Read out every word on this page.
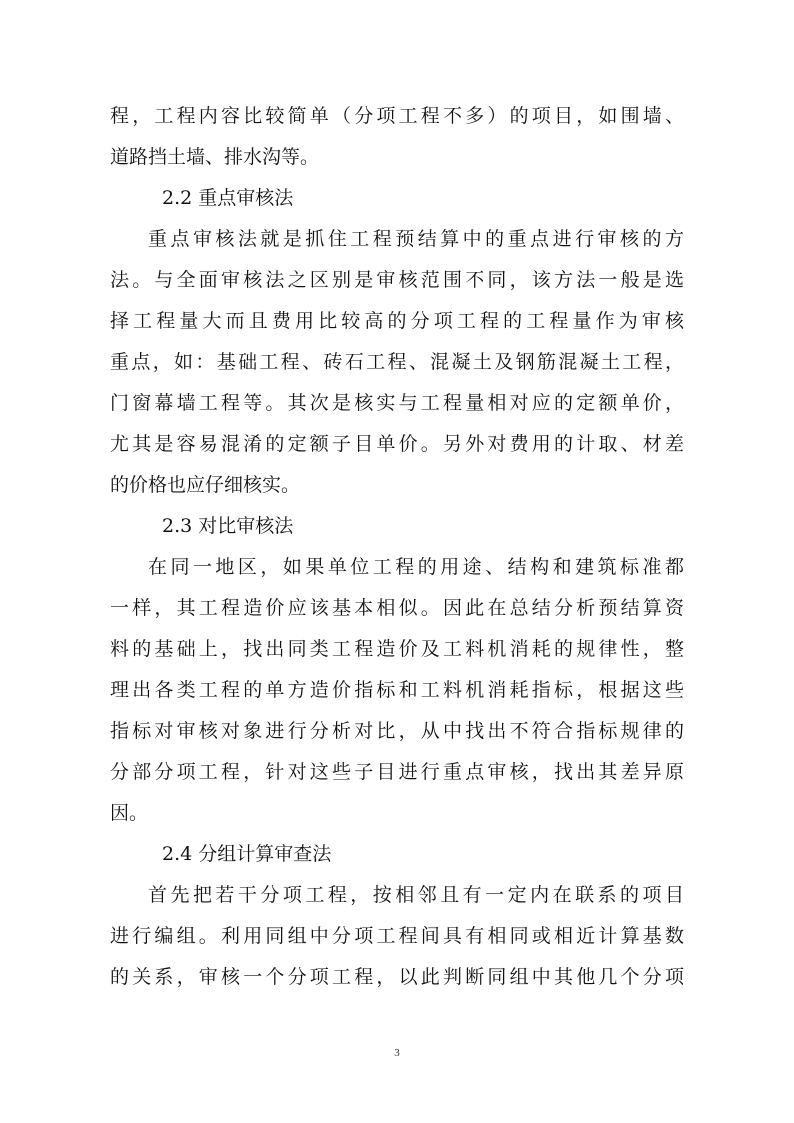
程，工程内容比较简单（分项工程不多）的项目，如围墙、
道路挡土墙、排水沟等。
2.2 重点审核法
重点审核法就是抓住工程预结算中的重点进行审核的方
法。与全面审核法之区别是审核范围不同，该方法一般是选
择工程量大而且费用比较高的分项工程的工程量作为审核
重点，如：基础工程、砖石工程、混凝土及钢筋混凝土工程，
门窗幕墙工程等。其次是核实与工程量相对应的定额单价，
尤其是容易混淆的定额子目单价。另外对费用的计取、材差
的价格也应仔细核实。
2.3 对比审核法
在同一地区，如果单位工程的用途、结构和建筑标准都
一样，其工程造价应该基本相似。因此在总结分析预结算资
料的基础上，找出同类工程造价及工料机消耗的规律性，整
理出各类工程的单方造价指标和工料机消耗指标，根据这些
指标对审核对象进行分析对比，从中找出不符合指标规律的
分部分项工程，针对这些子目进行重点审核，找出其差异原
因。
2.4 分组计算审查法
首先把若干分项工程，按相邻且有一定内在联系的项目
进行编组。利用同组中分项工程间具有相同或相近计算基数
的关系，审核一个分项工程，以此判断同组中其他几个分项
3
